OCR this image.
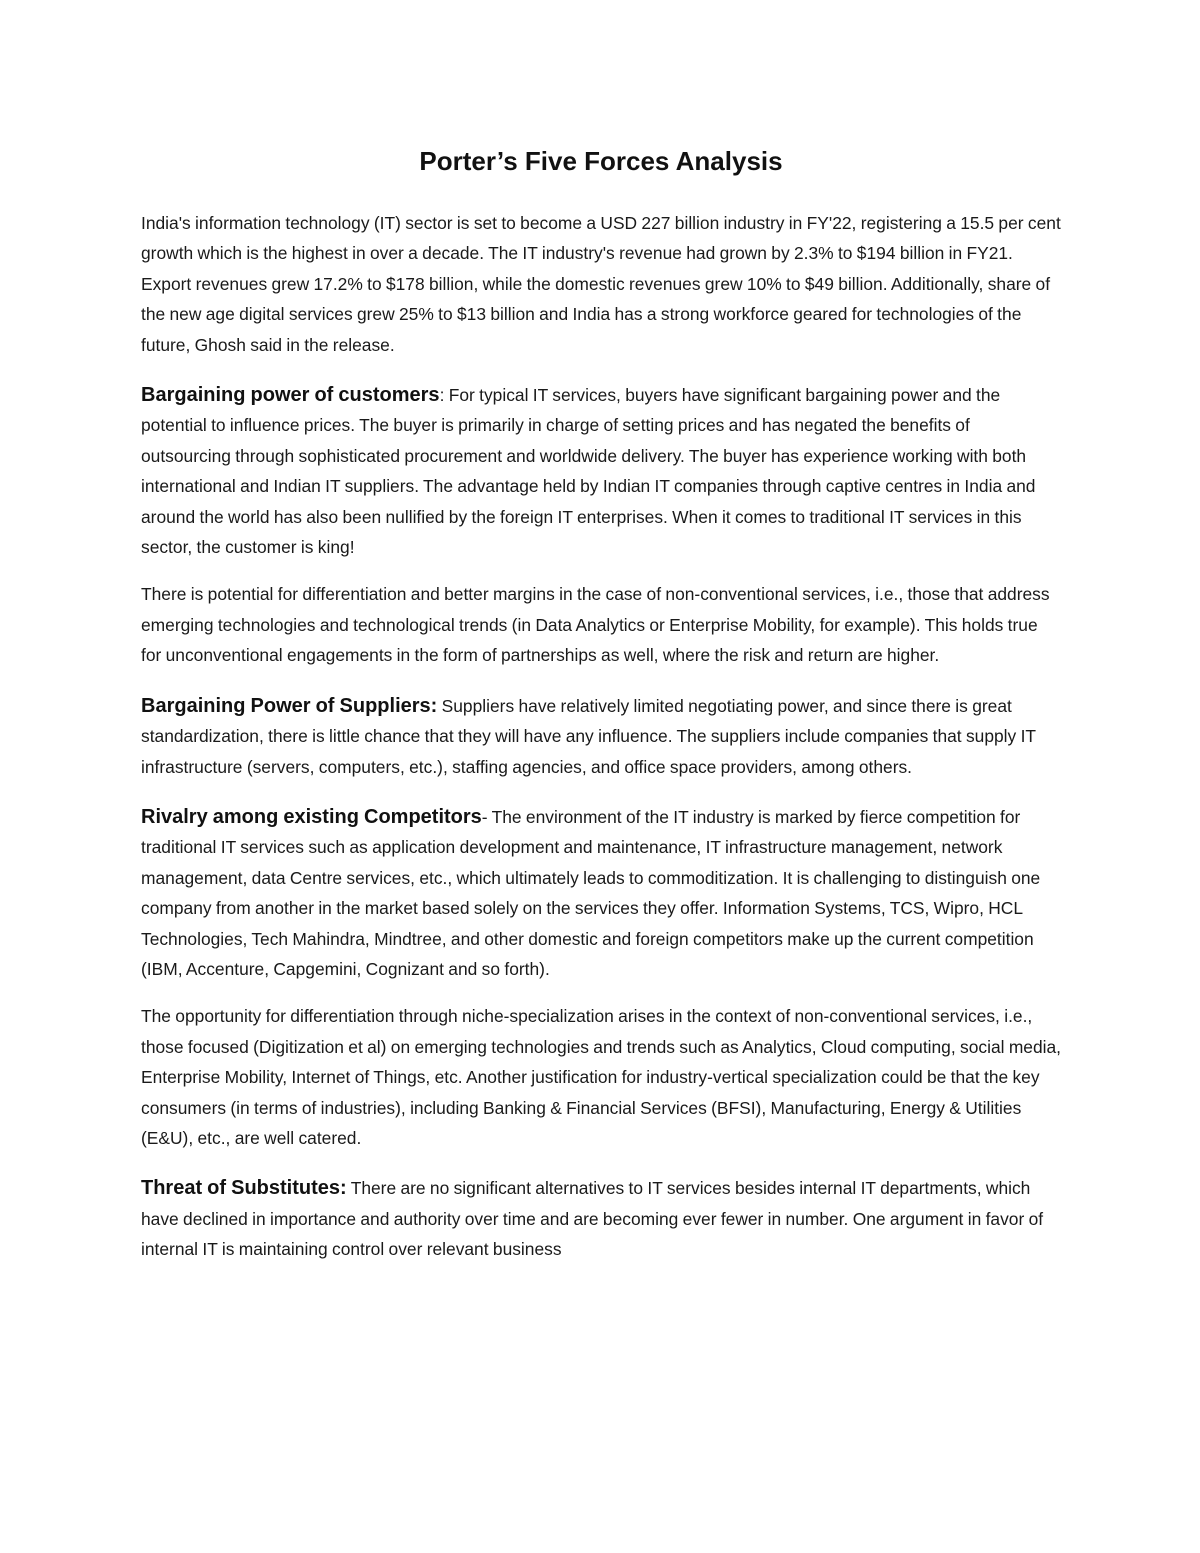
Porter’s Five Forces Analysis

India's information technology (IT) sector is set to become a USD 227 billion industry in FY'22, registering a 15.5 per cent growth which is the highest in over a decade. The IT industry's revenue had grown by 2.3% to $194 billion in FY21. Export revenues grew 17.2% to $178 billion, while the domestic revenues grew 10% to $49 billion. Additionally, share of the new age digital services grew 25% to $13 billion and India has a strong workforce geared for technologies of the future, Ghosh said in the release.

Bargaining power of customers: For typical IT services, buyers have significant bargaining power and the potential to influence prices. The buyer is primarily in charge of setting prices and has negated the benefits of outsourcing through sophisticated procurement and worldwide delivery. The buyer has experience working with both international and Indian IT suppliers. The advantage held by Indian IT companies through captive centres in India and around the world has also been nullified by the foreign IT enterprises. When it comes to traditional IT services in this sector, the customer is king!

There is potential for differentiation and better margins in the case of non-conventional services, i.e., those that address emerging technologies and technological trends (in Data Analytics or Enterprise Mobility, for example). This holds true for unconventional engagements in the form of partnerships as well, where the risk and return are higher.

Bargaining Power of Suppliers: Suppliers have relatively limited negotiating power, and since there is great standardization, there is little chance that they will have any influence. The suppliers include companies that supply IT infrastructure (servers, computers, etc.), staffing agencies, and office space providers, among others.

Rivalry among existing Competitors- The environment of the IT industry is marked by fierce competition for traditional IT services such as application development and maintenance, IT infrastructure management, network management, data Centre services, etc., which ultimately leads to commoditization. It is challenging to distinguish one company from another in the market based solely on the services they offer. Information Systems, TCS, Wipro, HCL Technologies, Tech Mahindra, Mindtree, and other domestic and foreign competitors make up the current competition (IBM, Accenture, Capgemini, Cognizant and so forth).

The opportunity for differentiation through niche-specialization arises in the context of non-conventional services, i.e., those focused (Digitization et al) on emerging technologies and trends such as Analytics, Cloud computing, social media, Enterprise Mobility, Internet of Things, etc. Another justification for industry-vertical specialization could be that the key consumers (in terms of industries), including Banking & Financial Services (BFSI), Manufacturing, Energy & Utilities (E&U), etc., are well catered.

Threat of Substitutes: There are no significant alternatives to IT services besides internal IT departments, which have declined in importance and authority over time and are becoming ever fewer in number. One argument in favor of internal IT is maintaining control over relevant business
